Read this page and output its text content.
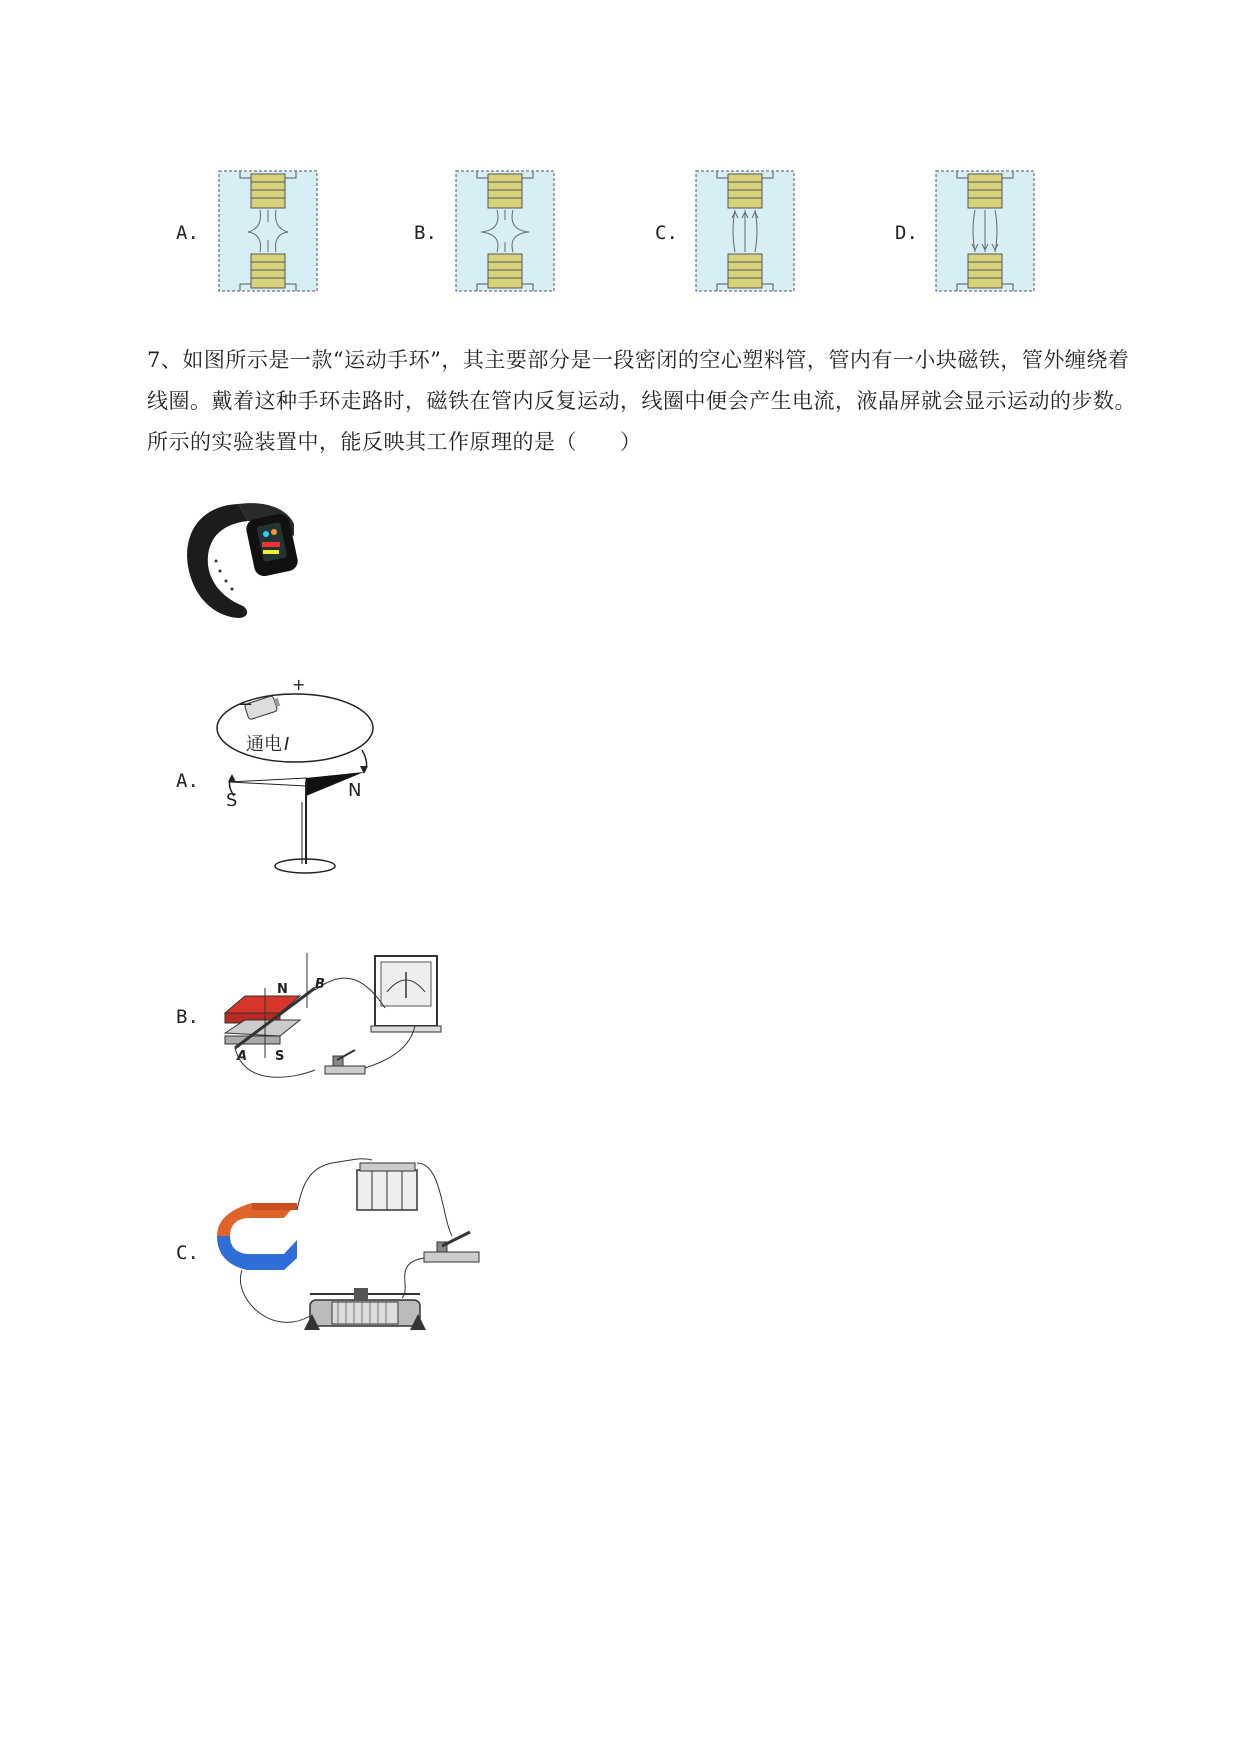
A.	B.	C.	D.
7、如图所示是一款“运动手环”，其主要部分是一段密闭的空心塑料管，管内有一小块磁铁，管外缠绕着线圈。戴着这种手环走路时，磁铁在管内反复运动，线圈中便会产生电流，液晶屏就会显示运动的步数。所示的实验装置中，能反映其工作原理的是（　　）
A.
−
+
通电 I
S	N
B.
N
S
A
B
C.
